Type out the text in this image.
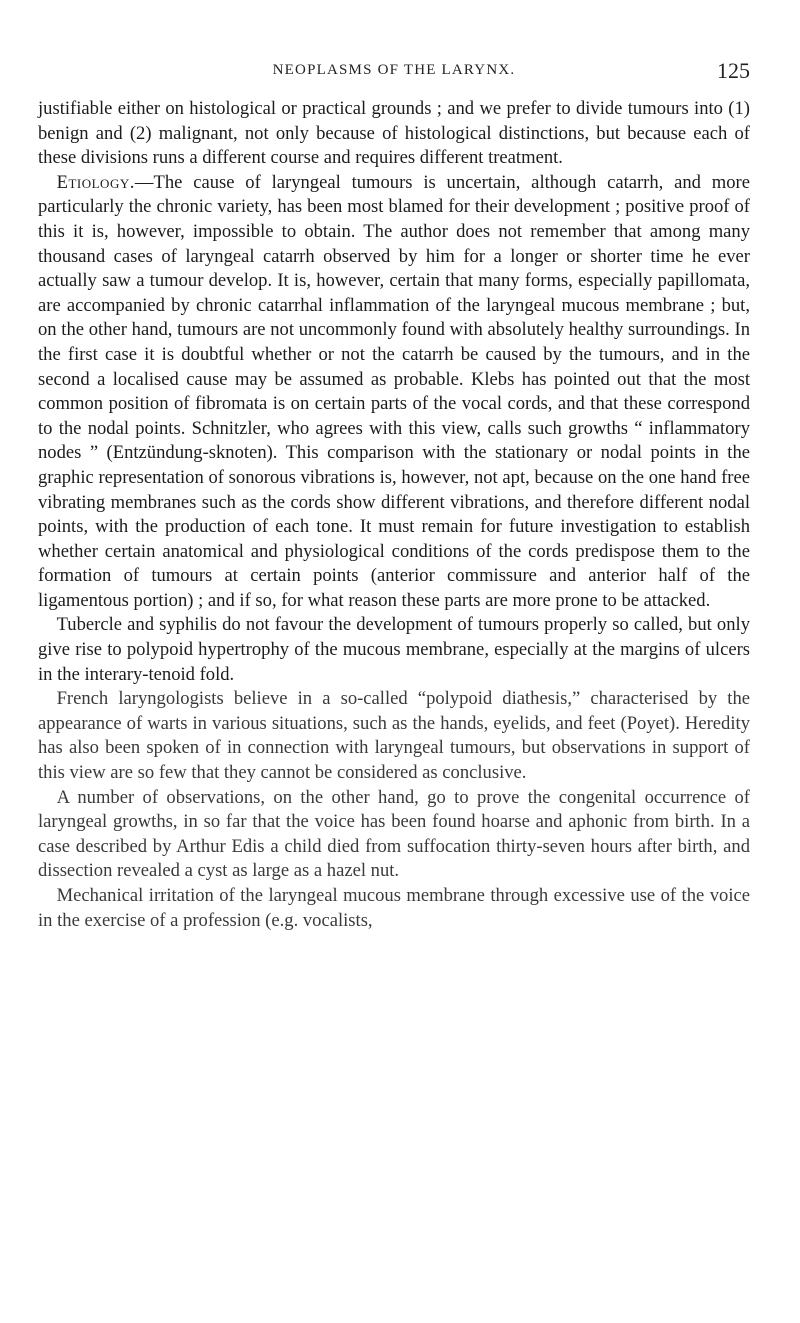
NEOPLASMS OF THE LARYNX.	125

justifiable either on histological or practical grounds ; and we prefer to divide tumours into (1) benign and (2) malignant, not only because of histological distinctions, but because each of these divisions runs a different course and requires different treatment.

 Etiology.—The cause of laryngeal tumours is uncertain, although catarrh, and more particularly the chronic variety, has been most blamed for their development ; positive proof of this it is, however, impossible to obtain. The author does not remember that among many thousand cases of laryngeal catarrh observed by him for a longer or shorter time he ever actually saw a tumour develop. It is, however, certain that many forms, especially papillomata, are accompanied by chronic catarrhal inflammation of the laryngeal mucous membrane ; but, on the other hand, tumours are not uncommonly found with absolutely healthy surroundings. In the first case it is doubtful whether or not the catarrh be caused by the tumours, and in the second a localised cause may be assumed as probable. Klebs has pointed out that the most common position of fibromata is on certain parts of the vocal cords, and that these correspond to the nodal points. Schnitzler, who agrees with this view, calls such growths “ inflammatory nodes ” (Entzündung-sknoten). This comparison with the stationary or nodal points in the graphic representation of sonorous vibrations is, however, not apt, because on the one hand free vibrating membranes such as the cords show different vibrations, and therefore different nodal points, with the production of each tone. It must remain for future investigation to establish whether certain anatomical and physiological conditions of the cords predispose them to the formation of tumours at certain points (anterior commissure and anterior half of the ligamentous portion) ; and if so, for what reason these parts are more prone to be attacked.

 Tubercle and syphilis do not favour the development of tumours properly so called, but only give rise to polypoid hypertrophy of the mucous membrane, especially at the margins of ulcers in the interary-tenoid fold.

 French laryngologists believe in a so-called “polypoid diathesis,” characterised by the appearance of warts in various situations, such as the hands, eyelids, and feet (Poyet). Heredity has also been spoken of in connection with laryngeal tumours, but observations in support of this view are so few that they cannot be considered as conclusive.

 A number of observations, on the other hand, go to prove the congenital occurrence of laryngeal growths, in so far that the voice has been found hoarse and aphonic from birth. In a case described by Arthur Edis a child died from suffocation thirty-seven hours after birth, and dissection revealed a cyst as large as a hazel nut.

 Mechanical irritation of the laryngeal mucous membrane through excessive use of the voice in the exercise of a profession (e.g. vocalists,
